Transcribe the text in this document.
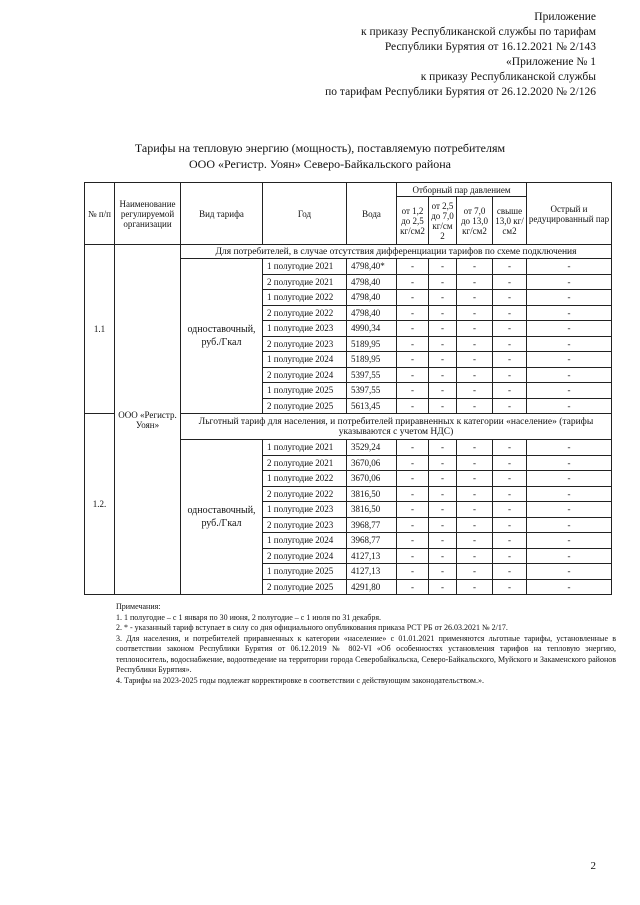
Приложение
к приказу Республиканской службы по тарифам
Республики Бурятия от 16.12.2021 № 2/143
«Приложение № 1
к приказу Республиканской службы
по тарифам Республики Бурятия от 26.12.2020 № 2/126
Тарифы на тепловую энергию (мощность), поставляемую потребителям
ООО «Регистр. Уоян» Северо-Байкальского района
№ п/п	Наименование регулируемой организации	Вид тарифа	Год	Вода	Отборный пар давлением				Острый и редуцированный пар
					от 1,2 до 2,5 кг/см2	от 2,5 до 7,0 кг/см 2	от 7,0 до 13,0 кг/см2	свыше 13,0 кг/см2	
1.1	ООО «Регистр. Уоян»	Для потребителей, в случае отсутствия дифференциации тарифов по схеме подключения							
		одноставочный, руб./Гкал	1 полугодие 2021	4798,40*	-	-	-	-	-
			2 полугодие 2021	4798,40	-	-	-	-	-
			1 полугодие 2022	4798,40	-	-	-	-	-
			2 полугодие 2022	4798,40	-	-	-	-	-
			1 полугодие 2023	4990,34	-	-	-	-	-
			2 полугодие 2023	5189,95	-	-	-	-	-
			1 полугодие 2024	5189,95	-	-	-	-	-
			2 полугодие 2024	5397,55	-	-	-	-	-
			1 полугодие 2025	5397,55	-	-	-	-	-
			2 полугодие 2025	5613,45	-	-	-	-	-
1.2.		Льготный тариф для населения, и потребителей приравненных к категории «население» (тарифы указываются с учетом НДС)							
		одноставочный, руб./Гкал	1 полугодие 2021	3529,24	-	-	-	-	-
			2 полугодие 2021	3670,06	-	-	-	-	-
			1 полугодие 2022	3670,06	-	-	-	-	-
			2 полугодие 2022	3816,50	-	-	-	-	-
			1 полугодие 2023	3816,50	-	-	-	-	-
			2 полугодие 2023	3968,77	-	-	-	-	-
			1 полугодие 2024	3968,77	-	-	-	-	-
			2 полугодие 2024	4127,13	-	-	-	-	-
			1 полугодие 2025	4127,13	-	-	-	-	-
			2 полугодие 2025	4291,80	-	-	-	-	-

Примечания:

1. 1 полугодие – с 1 января по 30 июня, 2 полугодие – с 1 июля по 31 декабря.

2. * - указанный тариф вступает в силу со дня официального опубликования приказа РСТ РБ от 26.03.2021 № 2/17.

3. Для населения, и потребителей приравненных к категории «население» с 01.01.2021 применяются льготные тарифы, установленные в соответствии законом Республики Бурятия от 06.12.2019 № 802-VI «Об особенностях установления тарифов на тепловую энергию, теплоноситель, водоснабжение, водоотведение на территории города Северобайкальска, Северо-Байкальского, Муйского и Закаменского районов Республики Бурятия».

4. Тарифы на 2023-2025 годы подлежат корректировке в соответствии с действующим законодательством.».

2
